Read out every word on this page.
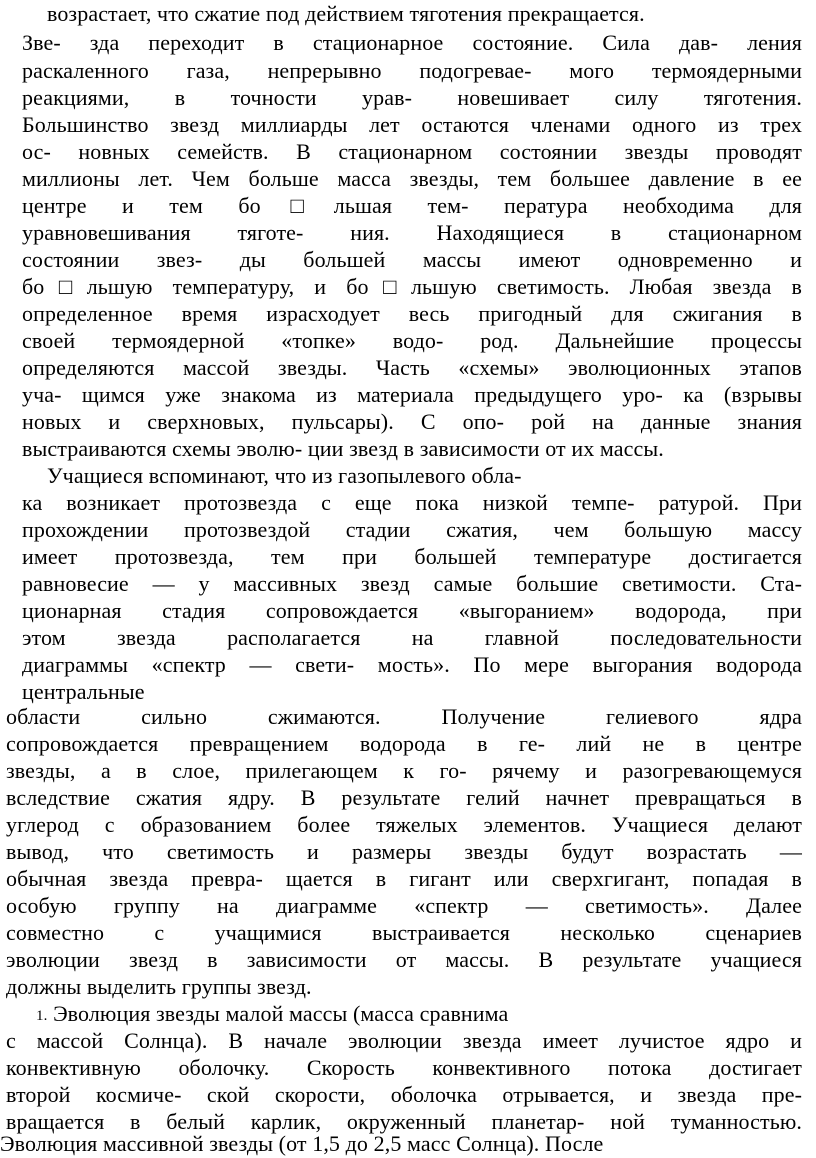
возрастает, что сжатие под действием тяготения прекращается.
Зве- зда переходит в стационарное состояние. Сила дав- ления
раскаленного газа, непрерывно подогревае- мого термоядерными
реакциями, в точности урав- новешивает силу тяготения.
Большинство звезд миллиарды лет остаются членами одного из трех
ос- новных семейств. В стационарном состоянии звезды проводят
миллионы лет. Чем больше масса звезды, тем большее давление в ее
центре и тем бо□льшая тем- пература необходима для
уравновешивания тяготе- ния. Находящиеся в стационарном
состоянии звез- ды большей массы имеют одновременно и
бо□льшую температуру, и бо□льшую светимость. Любая звезда в
определенное время израсходует весь пригодный для сжигания в
своей термоядерной «топке» водо- род. Дальнейшие процессы
определяются массой звезды. Часть «схемы» эволюционных этапов
уча- щимся уже знакома из материала предыдущего уро- ка (взрывы
новых и сверхновых, пульсары). С опо- рой на данные знания
выстраиваются схемы эволю- ции звезд в зависимости от их массы.
Учащиеся вспоминают, что из газопылевого обла-
ка возникает протозвезда с еще пока низкой темпе- ратурой. При
прохождении протозвездой стадии сжатия, чем большую массу
имеет протозвезда, тем при большей температуре достигается
равновесие — у массивных звезд самые большие светимости. Ста-
ционарная стадия сопровождается «выгоранием» водорода, при
этом звезда располагается на главной последовательности
диаграммы «спектр — свети- мость». По мере выгорания водорода
центральные
области сильно сжимаются. Получение гелиевого ядра
сопровождается превращением водорода в ге- лий не в центре
звезды, а в слое, прилегающем к го- рячему и разогревающемуся
вследствие сжатия ядру. В результате гелий начнет превращаться в
углерод с образованием более тяжелых элементов. Учащиеся делают
вывод, что светимость и размеры звезды будут возрастать —
обычная звезда превра- щается в гигант или сверхгигант, попадая в
особую группу на диаграмме «спектр — светимость». Далее
совместно с учащимися выстраивается несколько сценариев
эволюции звезд в зависимости от массы. В результате учащиеся
должны выделить группы звезд.
1. Эволюция звезды малой массы (масса сравнима
с массой Солнца). В начале эволюции звезда имеет лучистое ядро и
конвективную оболочку. Скорость конвективного потока достигает
второй космиче- ской скорости, оболочка отрывается, и звезда пре-
вращается в белый карлик, окруженный планетар- ной туманностью.
Эволюция массивной звезды (от 1,5 до 2,5 масс Солнца). После
